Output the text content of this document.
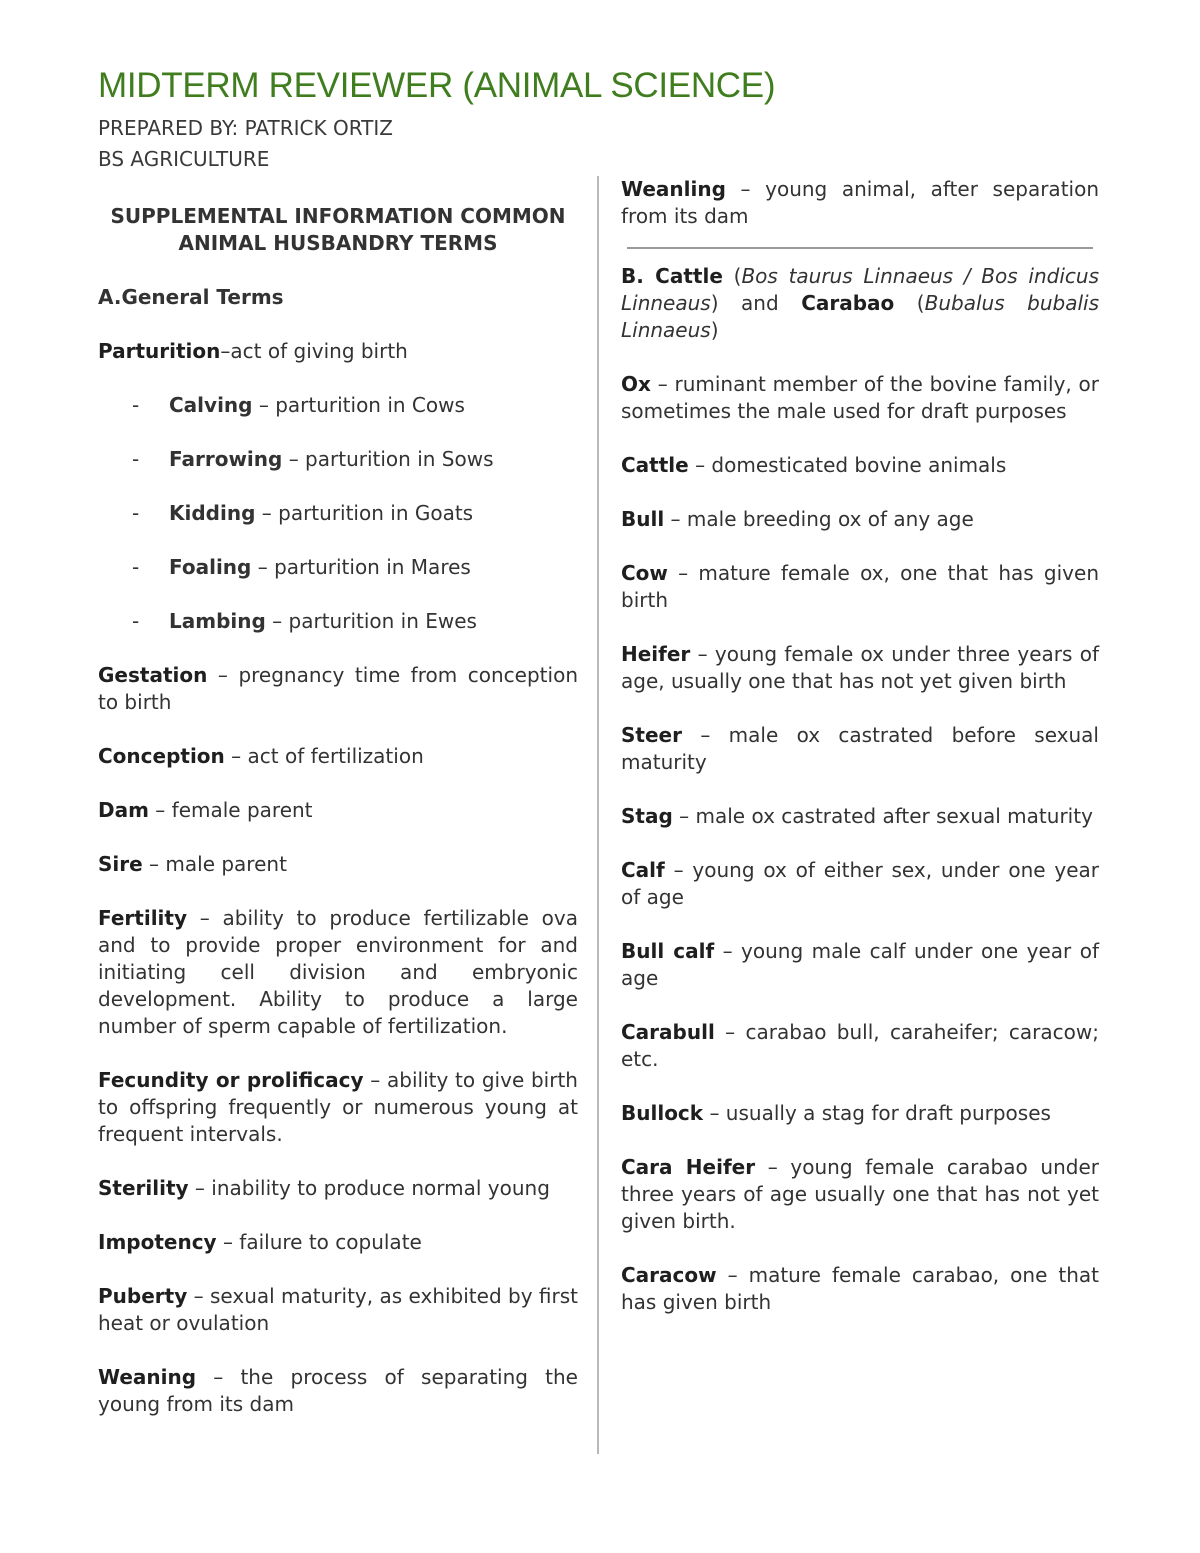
MIDTERM REVIEWER (ANIMAL SCIENCE)

PREPARED BY: PATRICK ORTIZ

BS AGRICULTURE

SUPPLEMENTAL INFORMATION COMMON
ANIMAL HUSBANDRY TERMS
A.General Terms

Parturition–act of giving birth

- Calving – parturition in Cows
- Farrowing – parturition in Sows
- Kidding – parturition in Goats
- Foaling – parturition in Mares
- Lambing – parturition in Ewes

Gestation – pregnancy time from conception to birth

Conception – act of fertilization

Dam – female parent

Sire – male parent

Fertility – ability to produce fertilizable ova and to provide proper environment for and initiating cell division and embryonic development. Ability to produce a large number of sperm capable of fertilization.

Fecundity or prolificacy – ability to give birth to offspring frequently or numerous young at frequent intervals.

Sterility – inability to produce normal young

Impotency – failure to copulate

Puberty – sexual maturity, as exhibited by first heat or ovulation

Weaning – the process of separating the young from its dam

Weanling – young animal, after separation from its dam

B. Cattle (Bos taurus Linnaeus / Bos indicus Linneaus) and Carabao (Bubalus bubalis Linnaeus)

Ox – ruminant member of the bovine family, or sometimes the male used for draft purposes

Cattle – domesticated bovine animals

Bull – male breeding ox of any age

Cow – mature female ox, one that has given birth

Heifer – young female ox under three years of age, usually one that has not yet given birth

Steer – male ox castrated before sexual maturity

Stag – male ox castrated after sexual maturity

Calf – young ox of either sex, under one year of age

Bull calf – young male calf under one year of age

Carabull – carabao bull, caraheifer; caracow; etc.

Bullock – usually a stag for draft purposes

Cara Heifer – young female carabao under three years of age usually one that has not yet given birth.

Caracow – mature female carabao, one that has given birth
